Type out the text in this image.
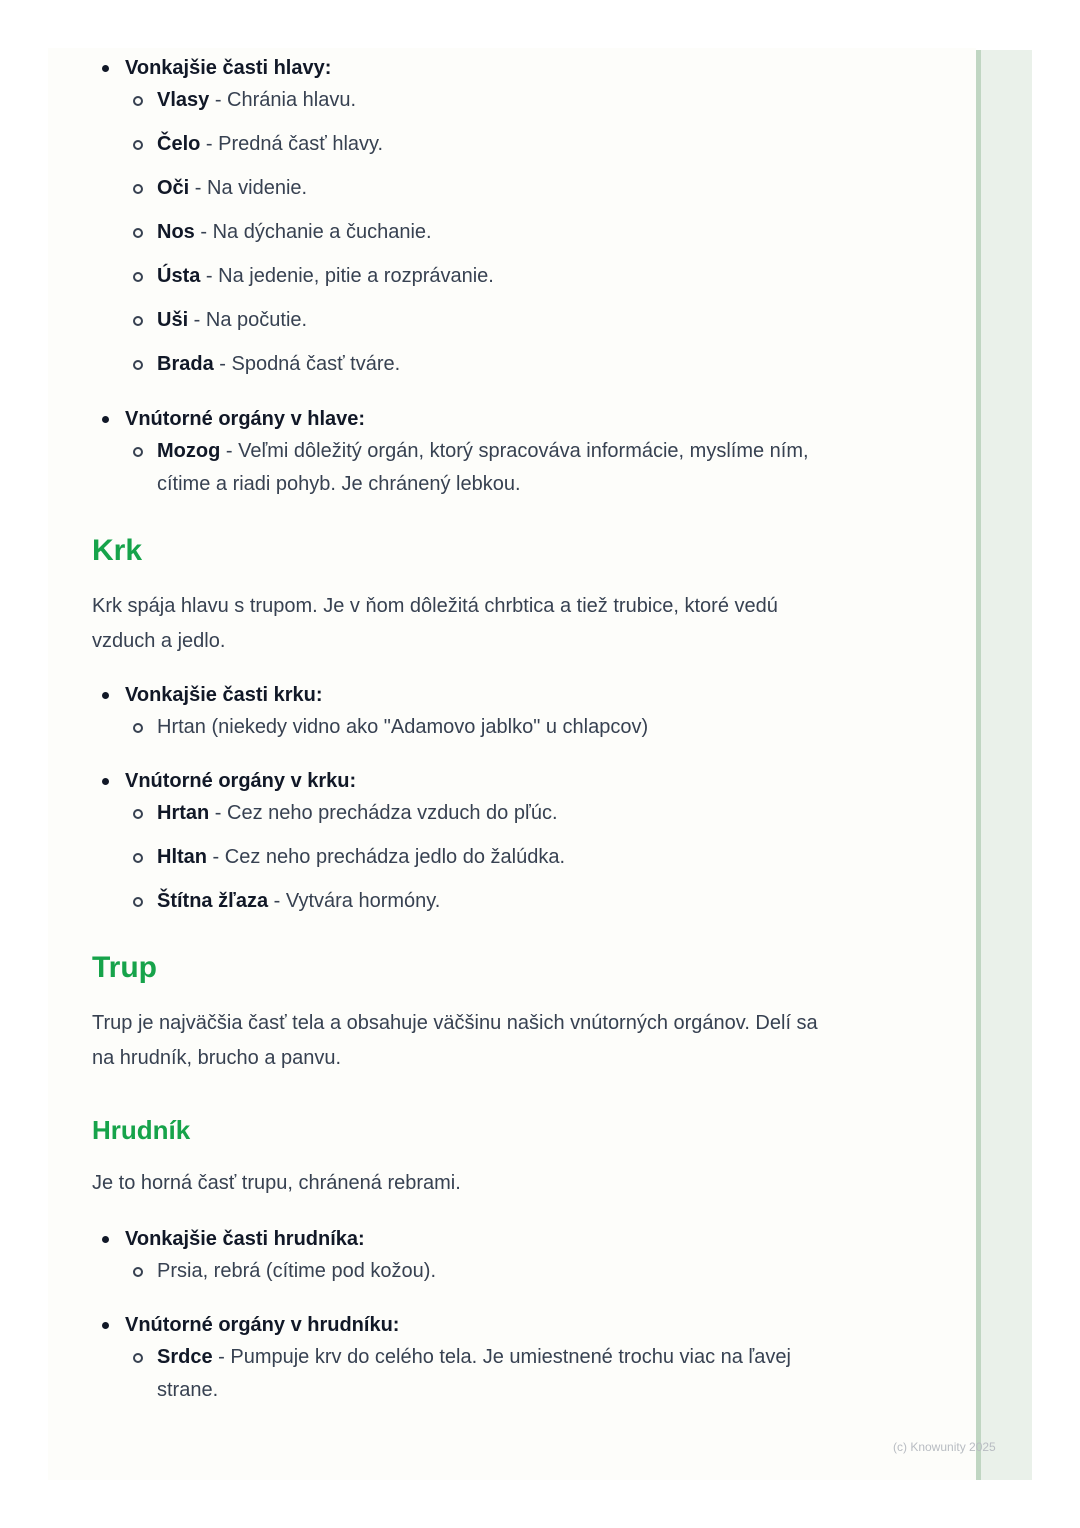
Vonkajšie časti hlavy:
Vlasy - Chránia hlavu.
Čelo - Predná časť hlavy.
Oči - Na videnie.
Nos - Na dýchanie a čuchanie.
Ústa - Na jedenie, pitie a rozprávanie.
Uši - Na počutie.
Brada - Spodná časť tváre.
Vnútorné orgány v hlave:
Mozog - Veľmi dôležitý orgán, ktorý spracováva informácie, myslíme ním, cítime a riadi pohyb. Je chránený lebkou.
Krk
Krk spája hlavu s trupom. Je v ňom dôležitá chrbtica a tiež trubice, ktoré vedú vzduch a jedlo.
Vonkajšie časti krku:
Hrtan (niekedy vidno ako "Adamovo jablko" u chlapcov)
Vnútorné orgány v krku:
Hrtan - Cez neho prechádza vzduch do pľúc.
Hltan - Cez neho prechádza jedlo do žalúdka.
Štítna žľaza - Vytvára hormóny.
Trup
Trup je najväčšia časť tela a obsahuje väčšinu našich vnútorných orgánov. Delí sa na hrudník, brucho a panvu.
Hrudník
Je to horná časť trupu, chránená rebrami.
Vonkajšie časti hrudníka:
Prsia, rebrá (cítime pod kožou).
Vnútorné orgány v hrudníku:
Srdce - Pumpuje krv do celého tela. Je umiestnené trochu viac na ľavej strane.
(c) Knowunity 2025
